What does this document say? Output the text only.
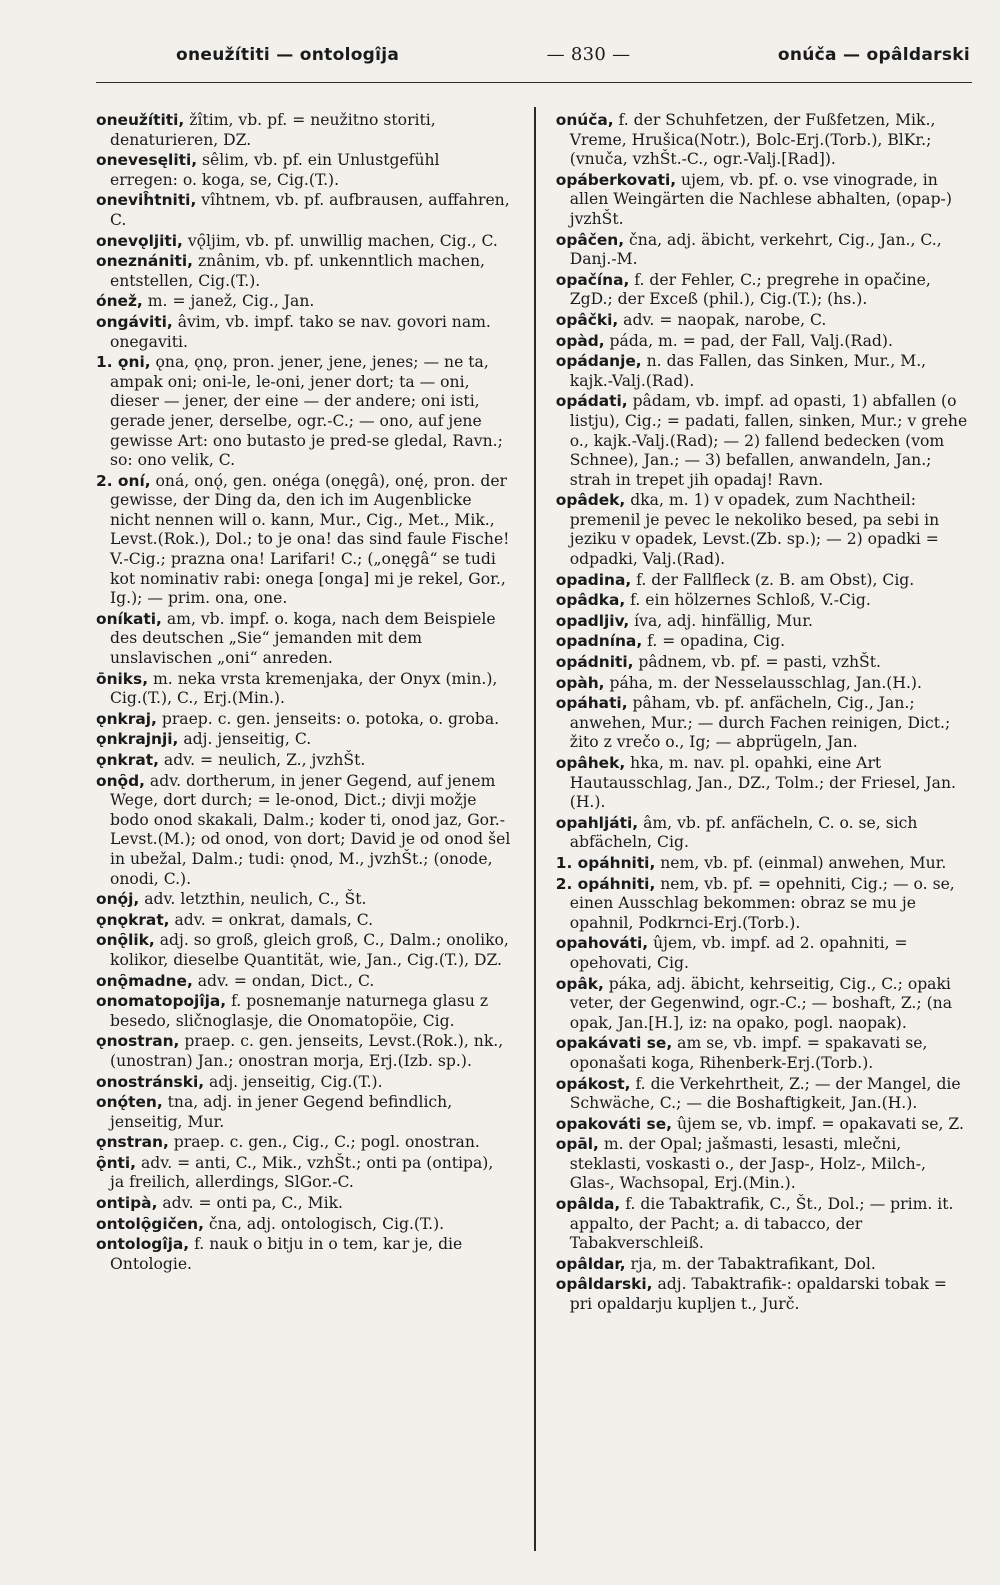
oneužítiti — ontologîja	— 830 —	onúča — opâldarski

oneužítiti, žîtim, vb. pf. = neužitno storiti, denaturieren, DZ.

onevesęliti, sêlim, vb. pf. ein Unlustgefühl erregen: o. koga, se, Cig.(T.).

oneviĥtniti, vîhtnem, vb. pf. aufbrausen, auffahren, C.

onevǫljiti, vǫ̑ljim, vb. pf. unwillig machen, Cig., C.

oneznániti, znânim, vb. pf. unkenntlich machen, entstellen, Cig.(T.).

ónež, m. = janež, Cig., Jan.

ongáviti, âvim, vb. impf. tako se nav. govori nam. onegaviti.

1. ǫni, ǫna, ǫnǫ, pron. jener, jene, jenes; — ne ta, ampak oni; oni-le, le-oni, jener dort; ta — oni, dieser — jener, der eine — der andere; oni isti, gerade jener, derselbe, ogr.-C.; — ono, auf jene gewisse Art: ono butasto je pred-se gledal, Ravn.; so: ono velik, C.

2. oní, oná, onǫ́, gen. onéga (onęgâ), onę́, pron. der gewisse, der Ding da, den ich im Augenblicke nicht nennen will o. kann, Mur., Cig., Met., Mik., Levst.(Rok.), Dol.; to je ona! das sind faule Fische! V.-Cig.; prazna ona! Larifari! C.; („onęgâ“ se tudi kot nominativ rabi: onega [onga] mi je rekel, Gor., Ig.); — prim. ona, one.

oníkati, am, vb. impf. o. koga, nach dem Beispiele des deutschen „Sie“ jemanden mit dem unslavischen „oni“ anreden.

ōniks, m. neka vrsta kremenjaka, der Onyx (min.), Cig.(T.), C., Erj.(Min.).

ǫnkraj, praep. c. gen. jenseits: o. potoka, o. groba.

ǫnkrajnji, adj. jenseitig, C.

ǫnkrat, adv. = neulich, Z., jvzhŠt.

onǫ̑d, adv. dortherum, in jener Gegend, auf jenem Wege, dort durch; = le-onod, Dict.; divji možje bodo onod skakali, Dalm.; koder ti, onod jaz, Gor.-Levst.(M.); od onod, von dort; David je od onod šel in ubežal, Dalm.; tudi: ǫnod, M., jvzhŠt.; (onode, onodi, C.).

onǫ́j, adv. letzthin, neulich, C., Št.

ǫnǫkrat, adv. = onkrat, damals, C.

onǫ̑lik, adj. so groß, gleich groß, C., Dalm.; onoliko, kolikor, dieselbe Quantität, wie, Jan., Cig.(T.), DZ.

onǫ̑madne, adv. = ondan, Dict., C.

onomatopojîja, f. posnemanje naturnega glasu z besedo, sličnoglasje, die Onomatopöie, Cig.

ǫnostran, praep. c. gen. jenseits, Levst.(Rok.), nk., (unostran) Jan.; onostran morja, Erj.(Izb. sp.).

onostránski, adj. jenseitig, Cig.(T.).

onǫ́ten, tna, adj. in jener Gegend befindlich, jenseitig, Mur.

ǫnstran, praep. c. gen., Cig., C.; pogl. onostran.

ǫ̑nti, adv. = anti, C., Mik., vzhŠt.; onti pa (ontipa), ja freilich, allerdings, SlGor.-C.

ontipà, adv. = onti pa, C., Mik.

ontolǫ̑gičen, čna, adj. ontologisch, Cig.(T.).

ontologîja, f. nauk o bitju in o tem, kar je, die Ontologie.

onúča, f. der Schuhfetzen, der Fußfetzen, Mik., Vreme, Hrušica(Notr.), Bolc-Erj.(Torb.), BlKr.; (vnuča, vzhŠt.-C., ogr.-Valj.[Rad]).

opáberkovati, ujem, vb. pf. o. vse vinograde, in allen Weingärten die Nachlese abhalten, (opap-) jvzhŠt.

opâčen, čna, adj. äbicht, verkehrt, Cig., Jan., C., Danj.-M.

opačína, f. der Fehler, C.; pregrehe in opačine, ZgD.; der Exceß (phil.), Cig.(T.); (hs.).

opâčki, adv. = naopak, narobe, C.

opàd, páda, m. = pad, der Fall, Valj.(Rad).

opádanje, n. das Fallen, das Sinken, Mur., M., kajk.-Valj.(Rad).

opádati, pâdam, vb. impf. ad opasti, 1) abfallen (o listju), Cig.; = padati, fallen, sinken, Mur.; v grehe o., kajk.-Valj.(Rad); — 2) fallend bedecken (vom Schnee), Jan.; — 3) befallen, anwandeln, Jan.; strah in trepet jih opadaj! Ravn.

opâdek, dka, m. 1) v opadek, zum Nachtheil: premenil je pevec le nekoliko besed, pa sebi in jeziku v opadek, Levst.(Zb. sp.); — 2) opadki = odpadki, Valj.(Rad).

opadina, f. der Fallfleck (z. B. am Obst), Cig.

opâdka, f. ein hölzernes Schloß, V.-Cig.

opadljiv, íva, adj. hinfällig, Mur.

opadnína, f. = opadina, Cig.

opádniti, pâdnem, vb. pf. = pasti, vzhŠt.

opàh, páha, m. der Nesselausschlag, Jan.(H.).

opáhati, pâham, vb. pf. anfächeln, Cig., Jan.; anwehen, Mur.; — durch Fachen reinigen, Dict.; žito z vrečo o., Ig; — abprügeln, Jan.

opâhek, hka, m. nav. pl. opahki, eine Art Hautausschlag, Jan., DZ., Tolm.; der Friesel, Jan.(H.).

opahljáti, âm, vb. pf. anfächeln, C. o. se, sich abfächeln, Cig.

1. opáhniti, nem, vb. pf. (einmal) anwehen, Mur.

2. opáhniti, nem, vb. pf. = opehniti, Cig.; — o. se, einen Ausschlag bekommen: obraz se mu je opahnil, Podkrnci-Erj.(Torb.).

opahováti, ûjem, vb. impf. ad 2. opahniti, = opehovati, Cig.

opâk, páka, adj. äbicht, kehrseitig, Cig., C.; opaki veter, der Gegenwind, ogr.-C.; — boshaft, Z.; (na opak, Jan.[H.], iz: na opako, pogl. naopak).

opakávati se, am se, vb. impf. = spakavati se, oponašati koga, Rihenberk-Erj.(Torb.).

opákost, f. die Verkehrtheit, Z.; — der Mangel, die Schwäche, C.; — die Boshaftigkeit, Jan.(H.).

opakováti se, ûjem se, vb. impf. = opakavati se, Z.

opāl, m. der Opal; jašmasti, lesasti, mlečni, steklasti, voskasti o., der Jasp-, Holz-, Milch-, Glas-, Wachsopal, Erj.(Min.).

opâlda, f. die Tabaktrafik, C., Št., Dol.; — prim. it. appalto, der Pacht; a. di tabacco, der Tabakverschleiß.

opâldar, rja, m. der Tabaktrafikant, Dol.

opâldarski, adj. Tabaktrafik-: opaldarski tobak = pri opaldarju kupljen t., Jurč.
